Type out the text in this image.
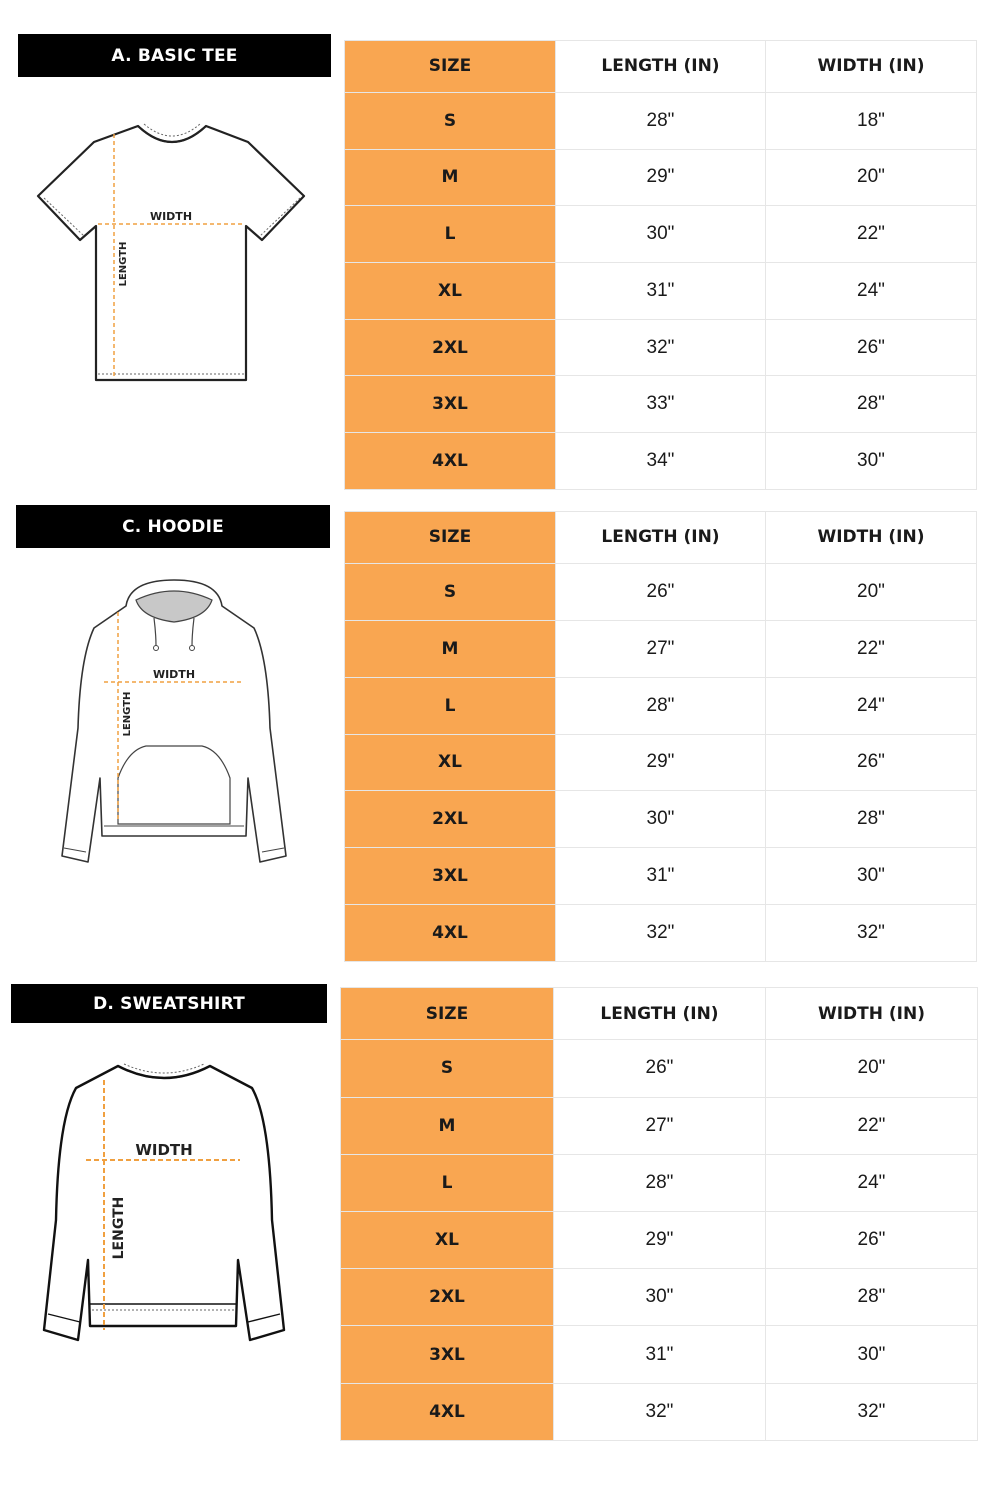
A. BASIC TEE
WIDTH
LENGTH
SIZE	LENGTH (IN)	WIDTH (IN)
S	28"	18"
M	29"	20"
L	30"	22"
XL	31"	24"
2XL	32"	26"
3XL	33"	28"
4XL	34"	30"
C. HOODIE
WIDTH
LENGTH
SIZE	LENGTH (IN)	WIDTH (IN)
S	26"	20"
M	27"	22"
L	28"	24"
XL	29"	26"
2XL	30"	28"
3XL	31"	30"
4XL	32"	32"
D. SWEATSHIRT
WIDTH
LENGTH
SIZE	LENGTH (IN)	WIDTH (IN)
S	26"	20"
M	27"	22"
L	28"	24"
XL	29"	26"
2XL	30"	28"
3XL	31"	30"
4XL	32"	32"
